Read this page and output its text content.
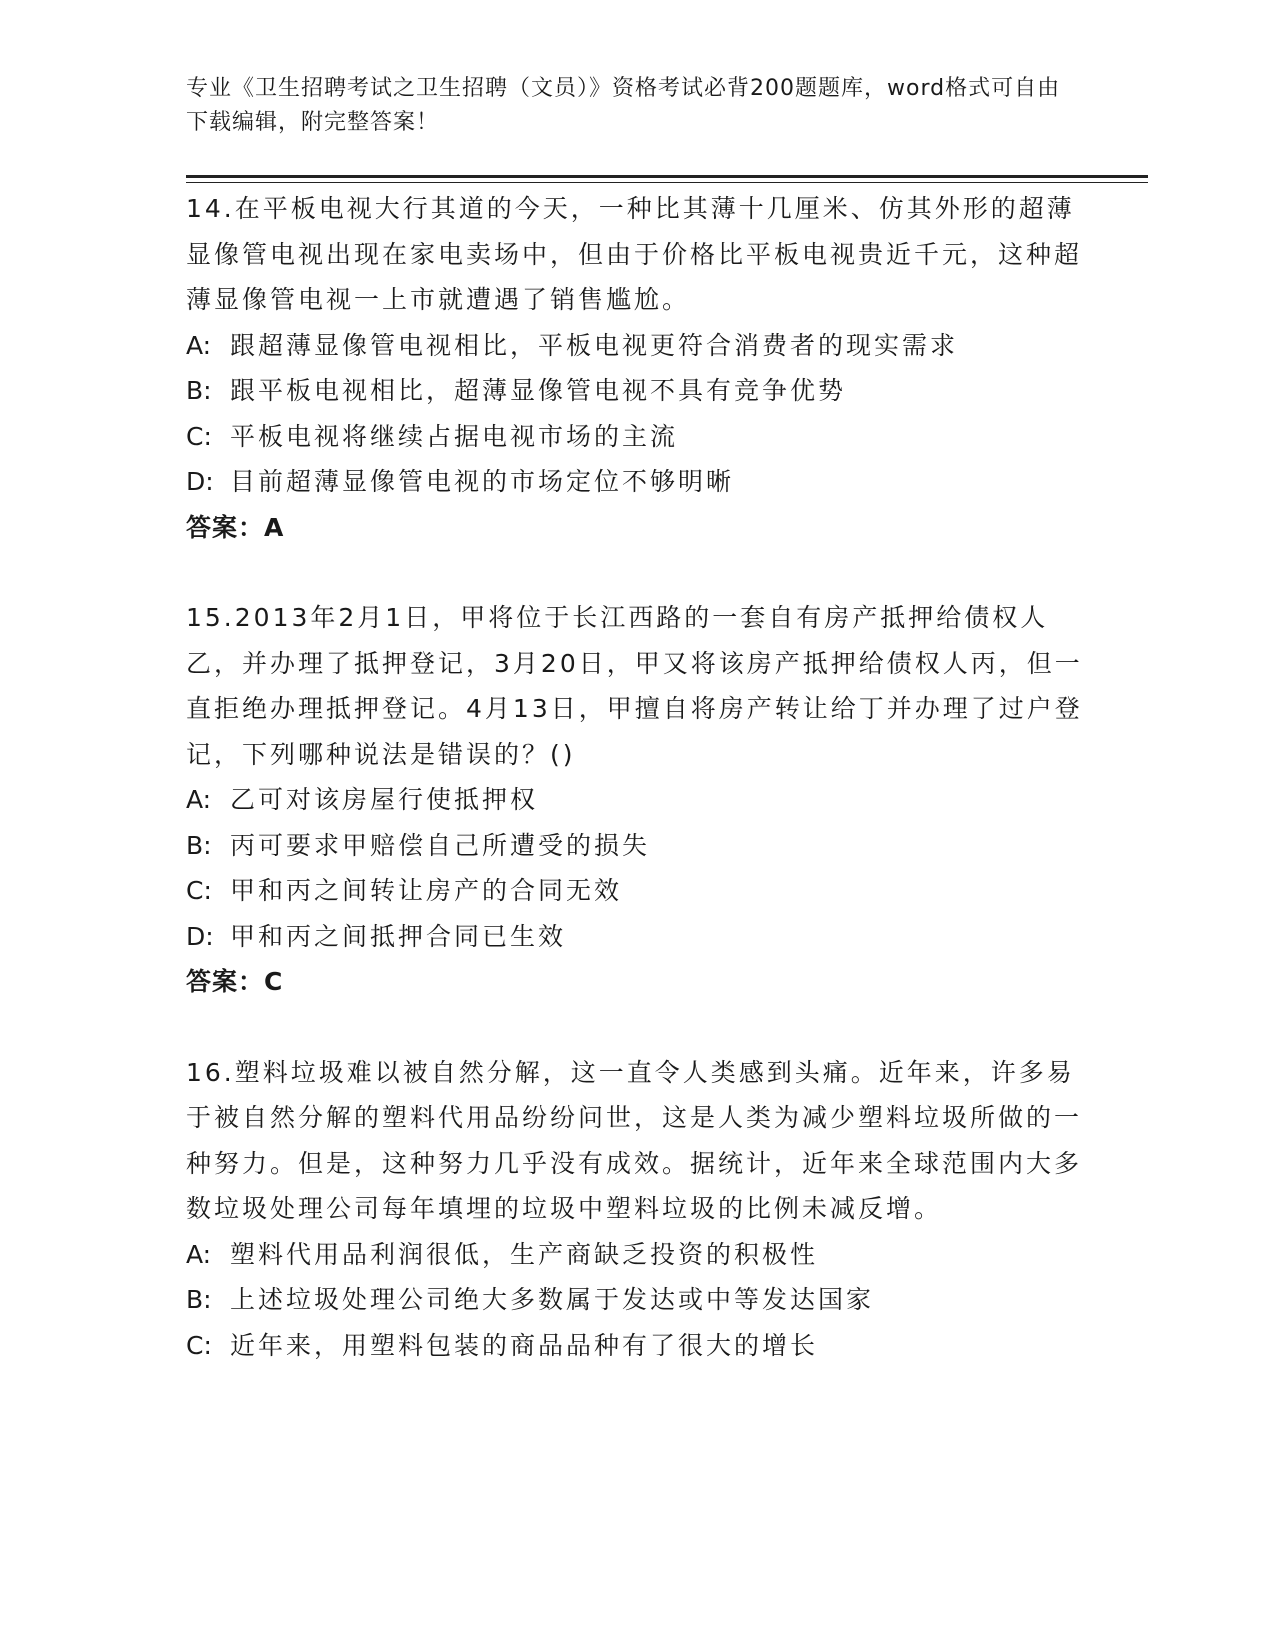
专业《卫生招聘考试之卫生招聘（文员）》资格考试必背200题题库，word格式可自由下载编辑，附完整答案！

14.在平板电视大行其道的今天，一种比其薄十几厘米、仿其外形的超薄显像管电视出现在家电卖场中，但由于价格比平板电视贵近千元，这种超薄显像管电视一上市就遭遇了销售尴尬。

A: 跟超薄显像管电视相比，平板电视更符合消费者的现实需求

B: 跟平板电视相比，超薄显像管电视不具有竞争优势

C: 平板电视将继续占据电视市场的主流

D: 目前超薄显像管电视的市场定位不够明晰

答案：A

15.2013年2月1日，甲将位于长江西路的一套自有房产抵押给债权人乙，并办理了抵押登记，3月20日，甲又将该房产抵押给债权人丙，但一直拒绝办理抵押登记。4月13日，甲擅自将房产转让给丁并办理了过户登记，下列哪种说法是错误的？()

A: 乙可对该房屋行使抵押权

B: 丙可要求甲赔偿自己所遭受的损失

C: 甲和丙之间转让房产的合同无效

D: 甲和丙之间抵押合同已生效

答案：C

16.塑料垃圾难以被自然分解，这一直令人类感到头痛。近年来，许多易于被自然分解的塑料代用品纷纷问世，这是人类为减少塑料垃圾所做的一种努力。但是，这种努力几乎没有成效。据统计，近年来全球范围内大多数垃圾处理公司每年填埋的垃圾中塑料垃圾的比例未减反增。

A: 塑料代用品利润很低，生产商缺乏投资的积极性

B: 上述垃圾处理公司绝大多数属于发达或中等发达国家

C: 近年来，用塑料包装的商品品种有了很大的增长
